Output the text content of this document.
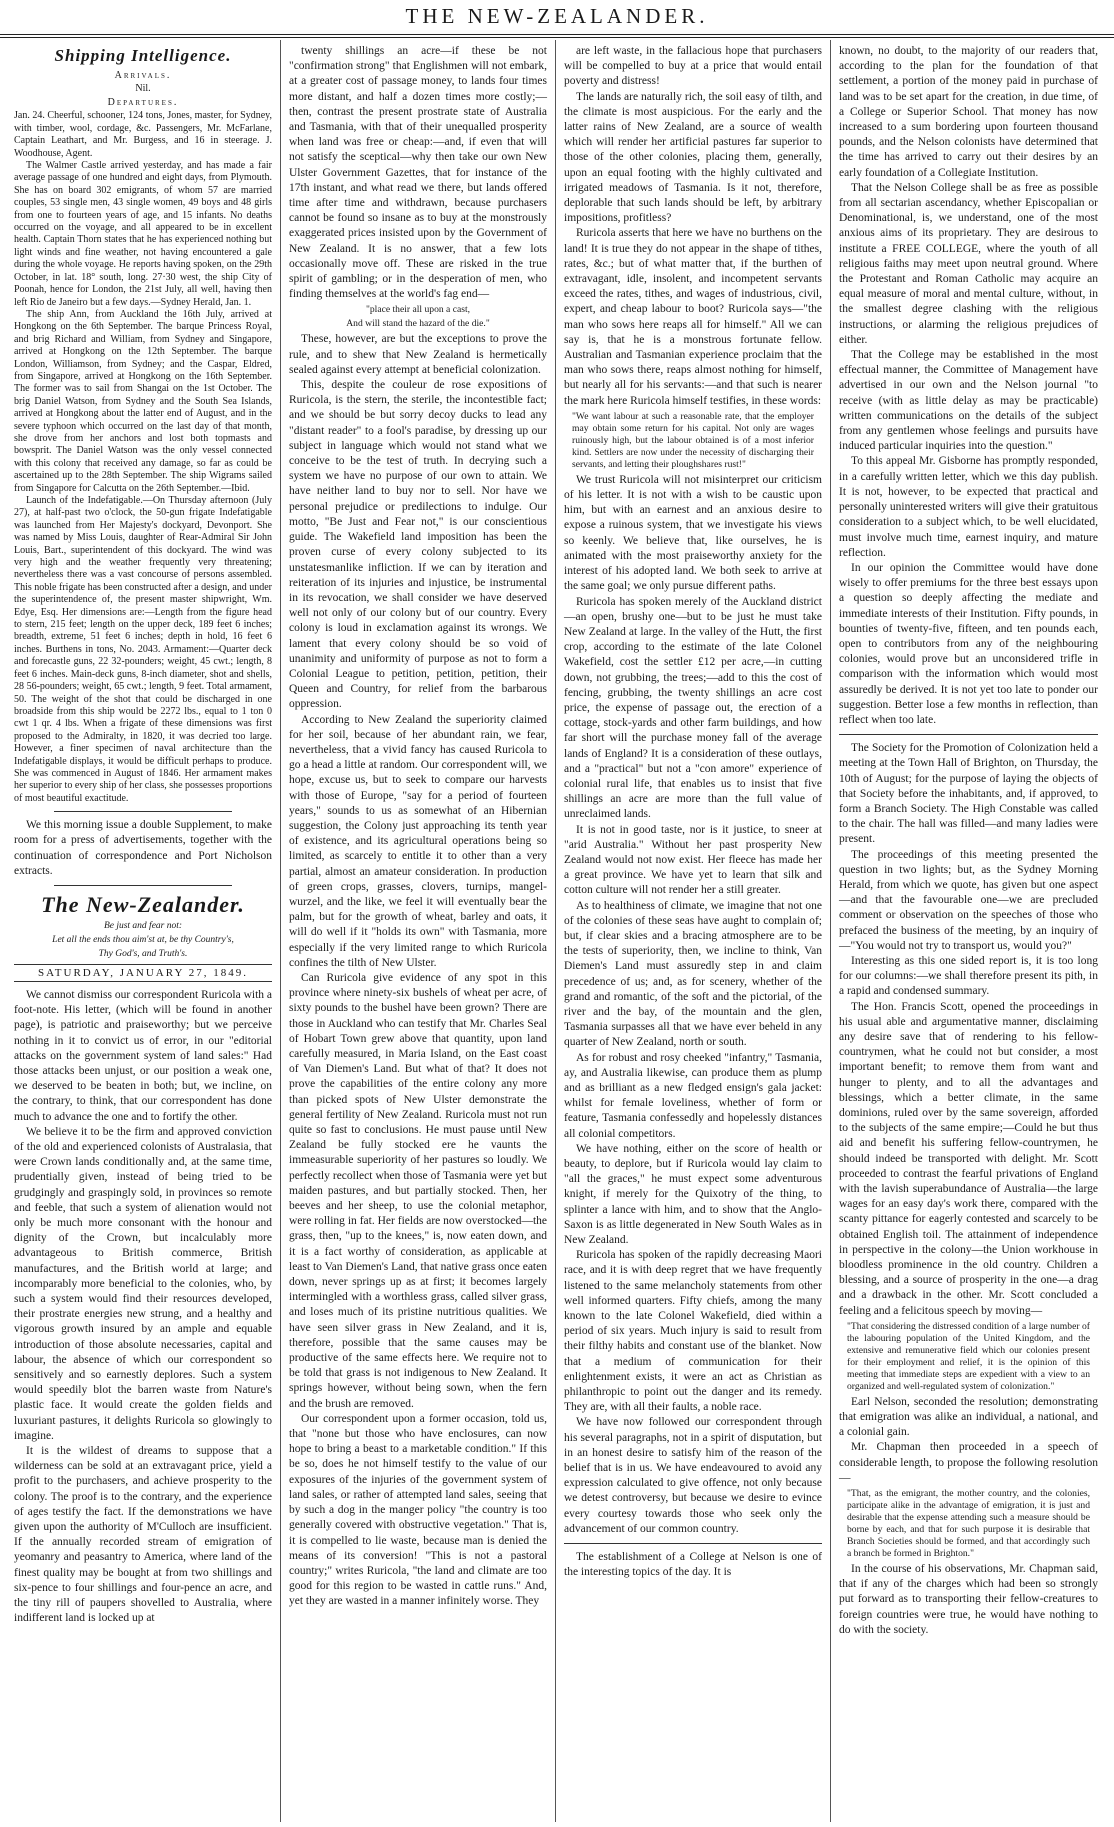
THE NEW-ZEALANDER.
Shipping Intelligence.
Arrivals.

Nil.

Departures.

Jan. 24. Cheerful, schooner, 124 tons, Jones, master, for Sydney, with timber, wool, cordage, &c. Passengers, Mr. McFarlane, Captain Leathart, and Mr. Burgess, and 16 in steerage. J. Woodhouse, Agent.

The Walmer Castle arrived yesterday, and has made a fair average passage of one hundred and eight days, from Plymouth. She has on board 302 emigrants, of whom 57 are married couples, 53 single men, 43 single women, 49 boys and 48 girls from one to fourteen years of age, and 15 infants. No deaths occurred on the voyage, and all appeared to be in excellent health. Captain Thorn states that he has experienced nothing but light winds and fine weather, not having encountered a gale during the whole voyage. He reports having spoken, on the 29th October, in lat. 18° south, long. 27·30 west, the ship City of Poonah, hence for London, the 21st July, all well, having then left Rio de Janeiro but a few days.—Sydney Herald, Jan. 1.

The ship Ann, from Auckland the 16th July, arrived at Hongkong on the 6th September. The barque Princess Royal, and brig Richard and William, from Sydney and Singapore, arrived at Hongkong on the 12th September. The barque London, Williamson, from Sydney; and the Caspar, Eldred, from Singapore, arrived at Hongkong on the 16th September. The former was to sail from Shangai on the 1st October. The brig Daniel Watson, from Sydney and the South Sea Islands, arrived at Hongkong about the latter end of August, and in the severe typhoon which occurred on the last day of that month, she drove from her anchors and lost both topmasts and bowsprit. The Daniel Watson was the only vessel connected with this colony that received any damage, so far as could be ascertained up to the 28th September. The ship Wigrams sailed from Singapore for Calcutta on the 26th September.—Ibid.

Launch of the Indefatigable.—On Thursday afternoon (July 27), at half-past two o'clock, the 50-gun frigate Indefatigable was launched from Her Majesty's dockyard, Devonport. She was named by Miss Louis, daughter of Rear-Admiral Sir John Louis, Bart., superintendent of this dockyard. The wind was very high and the weather frequently very threatening; nevertheless there was a vast concourse of persons assembled. This noble frigate has been constructed after a design, and under the superintendence of, the present master shipwright, Wm. Edye, Esq. Her dimensions are:—Length from the figure head to stern, 215 feet; length on the upper deck, 189 feet 6 inches; breadth, extreme, 51 feet 6 inches; depth in hold, 16 feet 6 inches. Burthens in tons, No. 2043. Armament:—Quarter deck and forecastle guns, 22 32-pounders; weight, 45 cwt.; length, 8 feet 6 inches. Main-deck guns, 8-inch diameter, shot and shells, 28 56-pounders; weight, 65 cwt.; length, 9 feet. Total armament, 50. The weight of the shot that could be discharged in one broadside from this ship would be 2272 lbs., equal to 1 ton 0 cwt 1 qr. 4 lbs. When a frigate of these dimensions was first proposed to the Admiralty, in 1820, it was decried too large. However, a finer specimen of naval architecture than the Indefatigable displays, it would be difficult perhaps to produce. She was commenced in August of 1846. Her armament makes her superior to every ship of her class, she possesses proportions of most beautiful exactitude.

We this morning issue a double Supplement, to make room for a press of advertisements, together with the continuation of correspondence and Port Nicholson extracts.

The New-Zealander.
Be just and fear not:
Let all the ends thou aim'st at, be thy Country's,
Thy God's, and Truth's.
SATURDAY, JANUARY 27, 1849.

We cannot dismiss our correspondent Ruricola with a foot-note. His letter, (which will be found in another page), is patriotic and praiseworthy; but we perceive nothing in it to convict us of error, in our "editorial attacks on the government system of land sales:" Had those attacks been unjust, or our position a weak one, we deserved to be beaten in both; but, we incline, on the contrary, to think, that our correspondent has done much to advance the one and to fortify the other.

We believe it to be the firm and approved conviction of the old and experienced colonists of Australasia, that were Crown lands conditionally and, at the same time, prudentially given, instead of being tried to be grudgingly and graspingly sold, in provinces so remote and feeble, that such a system of alienation would not only be much more consonant with the honour and dignity of the Crown, but incalculably more advantageous to British commerce, British manufactures, and the British world at large; and incomparably more beneficial to the colonies, who, by such a system would find their resources developed, their prostrate energies new strung, and a healthy and vigorous growth insured by an ample and equable introduction of those absolute necessaries, capital and labour, the absence of which our correspondent so sensitively and so earnestly deplores. Such a system would speedily blot the barren waste from Nature's plastic face. It would create the golden fields and luxuriant pastures, it delights Ruricola so glowingly to imagine.

It is the wildest of dreams to suppose that a wilderness can be sold at an extravagant price, yield a profit to the purchasers, and achieve prosperity to the colony. The proof is to the contrary, and the experience of ages testify the fact. If the demonstrations we have given upon the authority of M'Culloch are insufficient. If the annually recorded stream of emigration of yeomanry and peasantry to America, where land of the finest quality may be bought at from two shillings and six-pence to four shillings and four-pence an acre, and the tiny rill of paupers shovelled to Australia, where indifferent land is locked up at

twenty shillings an acre—if these be not "confirmation strong" that Englishmen will not embark, at a greater cost of passage money, to lands four times more distant, and half a dozen times more costly;—then, contrast the present prostrate state of Australia and Tasmania, with that of their unequalled prosperity when land was free or cheap:—and, if even that will not satisfy the sceptical—why then take our own New Ulster Government Gazettes, that for instance of the 17th instant, and what read we there, but lands offered time after time and withdrawn, because purchasers cannot be found so insane as to buy at the monstrously exaggerated prices insisted upon by the Government of New Zealand. It is no answer, that a few lots occasionally move off. These are risked in the true spirit of gambling; or in the desperation of men, who finding themselves at the world's fag end—

"place their all upon a cast,

And will stand the hazard of the die."

These, however, are but the exceptions to prove the rule, and to shew that New Zealand is hermetically sealed against every attempt at beneficial colonization.

This, despite the couleur de rose expositions of Ruricola, is the stern, the sterile, the incontestible fact; and we should be but sorry decoy ducks to lead any "distant reader" to a fool's paradise, by dressing up our subject in language which would not stand what we conceive to be the test of truth. In decrying such a system we have no purpose of our own to attain. We have neither land to buy nor to sell. Nor have we personal prejudice or predilections to indulge. Our motto, "Be Just and Fear not," is our conscientious guide. The Wakefield land imposition has been the proven curse of every colony subjected to its unstatesmanlike infliction. If we can by iteration and reiteration of its injuries and injustice, be instrumental in its revocation, we shall consider we have deserved well not only of our colony but of our country. Every colony is loud in exclamation against its wrongs. We lament that every colony should be so void of unanimity and uniformity of purpose as not to form a Colonial League to petition, petition, petition, their Queen and Country, for relief from the barbarous oppression.

According to New Zealand the superiority claimed for her soil, because of her abundant rain, we fear, nevertheless, that a vivid fancy has caused Ruricola to go a head a little at random. Our correspondent will, we hope, excuse us, but to seek to compare our harvests with those of Europe, "say for a period of fourteen years," sounds to us as somewhat of an Hibernian suggestion, the Colony just approaching its tenth year of existence, and its agricultural operations being so limited, as scarcely to entitle it to other than a very partial, almost an amateur consideration. In production of green crops, grasses, clovers, turnips, mangel-wurzel, and the like, we feel it will eventually bear the palm, but for the growth of wheat, barley and oats, it will do well if it "holds its own" with Tasmania, more especially if the very limited range to which Ruricola confines the tilth of New Ulster.

Can Ruricola give evidence of any spot in this province where ninety-six bushels of wheat per acre, of sixty pounds to the bushel have been grown? There are those in Auckland who can testify that Mr. Charles Seal of Hobart Town grew above that quantity, upon land carefully measured, in Maria Island, on the East coast of Van Diemen's Land. But what of that? It does not prove the capabilities of the entire colony any more than picked spots of New Ulster demonstrate the general fertility of New Zealand. Ruricola must not run quite so fast to conclusions. He must pause until New Zealand be fully stocked ere he vaunts the immeasurable superiority of her pastures so loudly. We perfectly recollect when those of Tasmania were yet but maiden pastures, and but partially stocked. Then, her beeves and her sheep, to use the colonial metaphor, were rolling in fat. Her fields are now overstocked—the grass, then, "up to the knees," is, now eaten down, and it is a fact worthy of consideration, as applicable at least to Van Diemen's Land, that native grass once eaten down, never springs up as at first; it becomes largely intermingled with a worthless grass, called silver grass, and loses much of its pristine nutritious qualities. We have seen silver grass in New Zealand, and it is, therefore, possible that the same causes may be productive of the same effects here. We require not to be told that grass is not indigenous to New Zealand. It springs however, without being sown, when the fern and the brush are removed.

Our correspondent upon a former occasion, told us, that "none but those who have enclosures, can now hope to bring a beast to a marketable condition." If this be so, does he not himself testify to the value of our exposures of the injuries of the government system of land sales, or rather of attempted land sales, seeing that by such a dog in the manger policy "the country is too generally covered with obstructive vegetation." That is, it is compelled to lie waste, because man is denied the means of its conversion! "This is not a pastoral country;" writes Ruricola, "the land and climate are too good for this region to be wasted in cattle runs." And, yet they are wasted in a manner infinitely worse. They

are left waste, in the fallacious hope that purchasers will be compelled to buy at a price that would entail poverty and distress!

The lands are naturally rich, the soil easy of tilth, and the climate is most auspicious. For the early and the latter rains of New Zealand, are a source of wealth which will render her artificial pastures far superior to those of the other colonies, placing them, generally, upon an equal footing with the highly cultivated and irrigated meadows of Tasmania. Is it not, therefore, deplorable that such lands should be left, by arbitrary impositions, profitless?

Ruricola asserts that here we have no burthens on the land! It is true they do not appear in the shape of tithes, rates, &c.; but of what matter that, if the burthen of extravagant, idle, insolent, and incompetent servants exceed the rates, tithes, and wages of industrious, civil, expert, and cheap labour to boot? Ruricola says—"the man who sows here reaps all for himself." All we can say is, that he is a monstrous fortunate fellow. Australian and Tasmanian experience proclaim that the man who sows there, reaps almost nothing for himself, but nearly all for his servants:—and that such is nearer the mark here Ruricola himself testifies, in these words:

"We want labour at such a reasonable rate, that the employer may obtain some return for his capital. Not only are wages ruinously high, but the labour obtained is of a most inferior kind. Settlers are now under the necessity of discharging their servants, and letting their ploughshares rust!"

We trust Ruricola will not misinterpret our criticism of his letter. It is not with a wish to be caustic upon him, but with an earnest and an anxious desire to expose a ruinous system, that we investigate his views so keenly. We believe that, like ourselves, he is animated with the most praiseworthy anxiety for the interest of his adopted land. We both seek to arrive at the same goal; we only pursue different paths.

Ruricola has spoken merely of the Auckland district—an open, brushy one—but to be just he must take New Zealand at large. In the valley of the Hutt, the first crop, according to the estimate of the late Colonel Wakefield, cost the settler £12 per acre,—in cutting down, not grubbing, the trees;—add to this the cost of fencing, grubbing, the twenty shillings an acre cost price, the expense of passage out, the erection of a cottage, stock-yards and other farm buildings, and how far short will the purchase money fall of the average lands of England? It is a consideration of these outlays, and a "practical" but not a "con amore" experience of colonial rural life, that enables us to insist that five shillings an acre are more than the full value of unreclaimed lands.

It is not in good taste, nor is it justice, to sneer at "arid Australia." Without her past prosperity New Zealand would not now exist. Her fleece has made her a great province. We have yet to learn that silk and cotton culture will not render her a still greater.

As to healthiness of climate, we imagine that not one of the colonies of these seas have aught to complain of; but, if clear skies and a bracing atmosphere are to be the tests of superiority, then, we incline to think, Van Diemen's Land must assuredly step in and claim precedence of us; and, as for scenery, whether of the grand and romantic, of the soft and the pictorial, of the river and the bay, of the mountain and the glen, Tasmania surpasses all that we have ever beheld in any quarter of New Zealand, north or south.

As for robust and rosy cheeked "infantry," Tasmania, ay, and Australia likewise, can produce them as plump and as brilliant as a new fledged ensign's gala jacket: whilst for female loveliness, whether of form or feature, Tasmania confessedly and hopelessly distances all colonial competitors.

We have nothing, either on the score of health or beauty, to deplore, but if Ruricola would lay claim to "all the graces," he must expect some adventurous knight, if merely for the Quixotry of the thing, to splinter a lance with him, and to show that the Anglo-Saxon is as little degenerated in New South Wales as in New Zealand.

Ruricola has spoken of the rapidly decreasing Maori race, and it is with deep regret that we have frequently listened to the same melancholy statements from other well informed quarters. Fifty chiefs, among the many known to the late Colonel Wakefield, died within a period of six years. Much injury is said to result from their filthy habits and constant use of the blanket. Now that a medium of communication for their enlightenment exists, it were an act as Christian as philanthropic to point out the danger and its remedy. They are, with all their faults, a noble race.

We have now followed our correspondent through his several paragraphs, not in a spirit of disputation, but in an honest desire to satisfy him of the reason of the belief that is in us. We have endeavoured to avoid any expression calculated to give offence, not only because we detest controversy, but because we desire to evince every courtesy towards those who seek only the advancement of our common country.

The establishment of a College at Nelson is one of the interesting topics of the day. It is

known, no doubt, to the majority of our readers that, according to the plan for the foundation of that settlement, a portion of the money paid in purchase of land was to be set apart for the creation, in due time, of a College or Superior School. That money has now increased to a sum bordering upon fourteen thousand pounds, and the Nelson colonists have determined that the time has arrived to carry out their desires by an early foundation of a Collegiate Institution.

That the Nelson College shall be as free as possible from all sectarian ascendancy, whether Episcopalian or Denominational, is, we understand, one of the most anxious aims of its proprietary. They are desirous to institute a FREE COLLEGE, where the youth of all religious faiths may meet upon neutral ground. Where the Protestant and Roman Catholic may acquire an equal measure of moral and mental culture, without, in the smallest degree clashing with the religious instructions, or alarming the religious prejudices of either.

That the College may be established in the most effectual manner, the Committee of Management have advertised in our own and the Nelson journal "to receive (with as little delay as may be practicable) written communications on the details of the subject from any gentlemen whose feelings and pursuits have induced particular inquiries into the question."

To this appeal Mr. Gisborne has promptly responded, in a carefully written letter, which we this day publish. It is not, however, to be expected that practical and personally uninterested writers will give their gratuitous consideration to a subject which, to be well elucidated, must involve much time, earnest inquiry, and mature reflection.

In our opinion the Committee would have done wisely to offer premiums for the three best essays upon a question so deeply affecting the mediate and immediate interests of their Institution. Fifty pounds, in bounties of twenty-five, fifteen, and ten pounds each, open to contributors from any of the neighbouring colonies, would prove but an unconsidered trifle in comparison with the information which would most assuredly be derived. It is not yet too late to ponder our suggestion. Better lose a few months in reflection, than reflect when too late.

The Society for the Promotion of Colonization held a meeting at the Town Hall of Brighton, on Thursday, the 10th of August; for the purpose of laying the objects of that Society before the inhabitants, and, if approved, to form a Branch Society. The High Constable was called to the chair. The hall was filled—and many ladies were present.

The proceedings of this meeting presented the question in two lights; but, as the Sydney Morning Herald, from which we quote, has given but one aspect—and that the favourable one—we are precluded comment or observation on the speeches of those who prefaced the business of the meeting, by an inquiry of—"You would not try to transport us, would you?"

Interesting as this one sided report is, it is too long for our columns:—we shall therefore present its pith, in a rapid and condensed summary.

The Hon. Francis Scott, opened the proceedings in his usual able and argumentative manner, disclaiming any desire save that of rendering to his fellow-countrymen, what he could not but consider, a most important benefit; to remove them from want and hunger to plenty, and to all the advantages and blessings, which a better climate, in the same dominions, ruled over by the same sovereign, afforded to the subjects of the same empire;—Could he but thus aid and benefit his suffering fellow-countrymen, he should indeed be transported with delight. Mr. Scott proceeded to contrast the fearful privations of England with the lavish superabundance of Australia—the large wages for an easy day's work there, compared with the scanty pittance for eagerly contested and scarcely to be obtained English toil. The attainment of independence in perspective in the colony—the Union workhouse in bloodless prominence in the old country. Children a blessing, and a source of prosperity in the one—a drag and a drawback in the other. Mr. Scott concluded a feeling and a felicitous speech by moving—

"That considering the distressed condition of a large number of the labouring population of the United Kingdom, and the extensive and remunerative field which our colonies present for their employment and relief, it is the opinion of this meeting that immediate steps are expedient with a view to an organized and well-regulated system of colonization."

Earl Nelson, seconded the resolution; demonstrating that emigration was alike an individual, a national, and a colonial gain.

Mr. Chapman then proceeded in a speech of considerable length, to propose the following resolution—

"That, as the emigrant, the mother country, and the colonies, participate alike in the advantage of emigration, it is just and desirable that the expense attending such a measure should be borne by each, and that for such purpose it is desirable that Branch Societies should be formed, and that accordingly such a branch be formed in Brighton."

In the course of his observations, Mr. Chapman said, that if any of the charges which had been so strongly put forward as to transporting their fellow-creatures to foreign countries were true, he would have nothing to do with the society.
